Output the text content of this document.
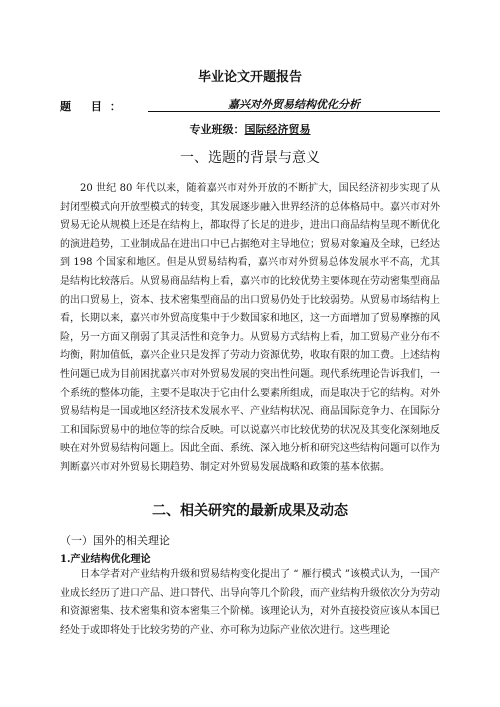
毕业论文开题报告
题 目：	嘉兴对外贸易结构优化分析
专业班级：国际经济贸易
一、选题的背景与意义

20 世纪 80 年代以来，随着嘉兴市对外开放的不断扩大，国民经济初步实现了从封闭型模式向开放型模式的转变，其发展逐步融入世界经济的总体格局中。嘉兴市对外贸易无论从规模上还是在结构上，都取得了长足的进步，进出口商品结构呈现不断优化的演进趋势，工业制成品在进出口中已占据绝对主导地位；贸易对象遍及全球，已经达到 198 个国家和地区。但是从贸易结构看，嘉兴市对外贸易总体发展水平不高，尤其是结构比较落后。从贸易商品结构上看，嘉兴市的比较优势主要体现在劳动密集型商品的出口贸易上，资本、技术密集型商品的出口贸易仍处于比较弱势。从贸易市场结构上看，长期以来，嘉兴市外贸高度集中于少数国家和地区，这一方面增加了贸易摩擦的风险，另一方面又削弱了其灵活性和竞争力。从贸易方式结构上看，加工贸易产业分布不均衡，附加值低，嘉兴企业只是发挥了劳动力资源优势，收取有限的加工费。上述结构性问题已成为目前困扰嘉兴市对外贸易发展的突出性问题。现代系统理论告诉我们，一个系统的整体功能，主要不是取决于它由什么要素所组成，而是取决于它的结构。对外贸易结构是一国或地区经济技术发展水平、产业结构状况、商品国际竞争力、在国际分工和国际贸易中的地位等的综合反映。可以说嘉兴市比较优势的状况及其变化深刻地反映在对外贸易结构问题上。因此全面、系统、深入地分析和研究这些结构问题可以作为判断嘉兴市对外贸易长期趋势、制定对外贸易发展战略和政策的基本依据。

二、相关研究的最新成果及动态
（一）国外的相关理论
1.产业结构优化理论

日本学者对产业结构升级和贸易结构变化提出了 “ 雁行模式 ”该模式认为，一国产业成长经历了进口产品、进口替代、出导向等几个阶段，而产业结构升级依次分为劳动和资源密集、技术密集和资本密集三个阶梯。该理论认为，对外直接投资应该从本国已经处于或即将处于比较劣势的产业、亦可称为边际产业依次进行。这些理论
